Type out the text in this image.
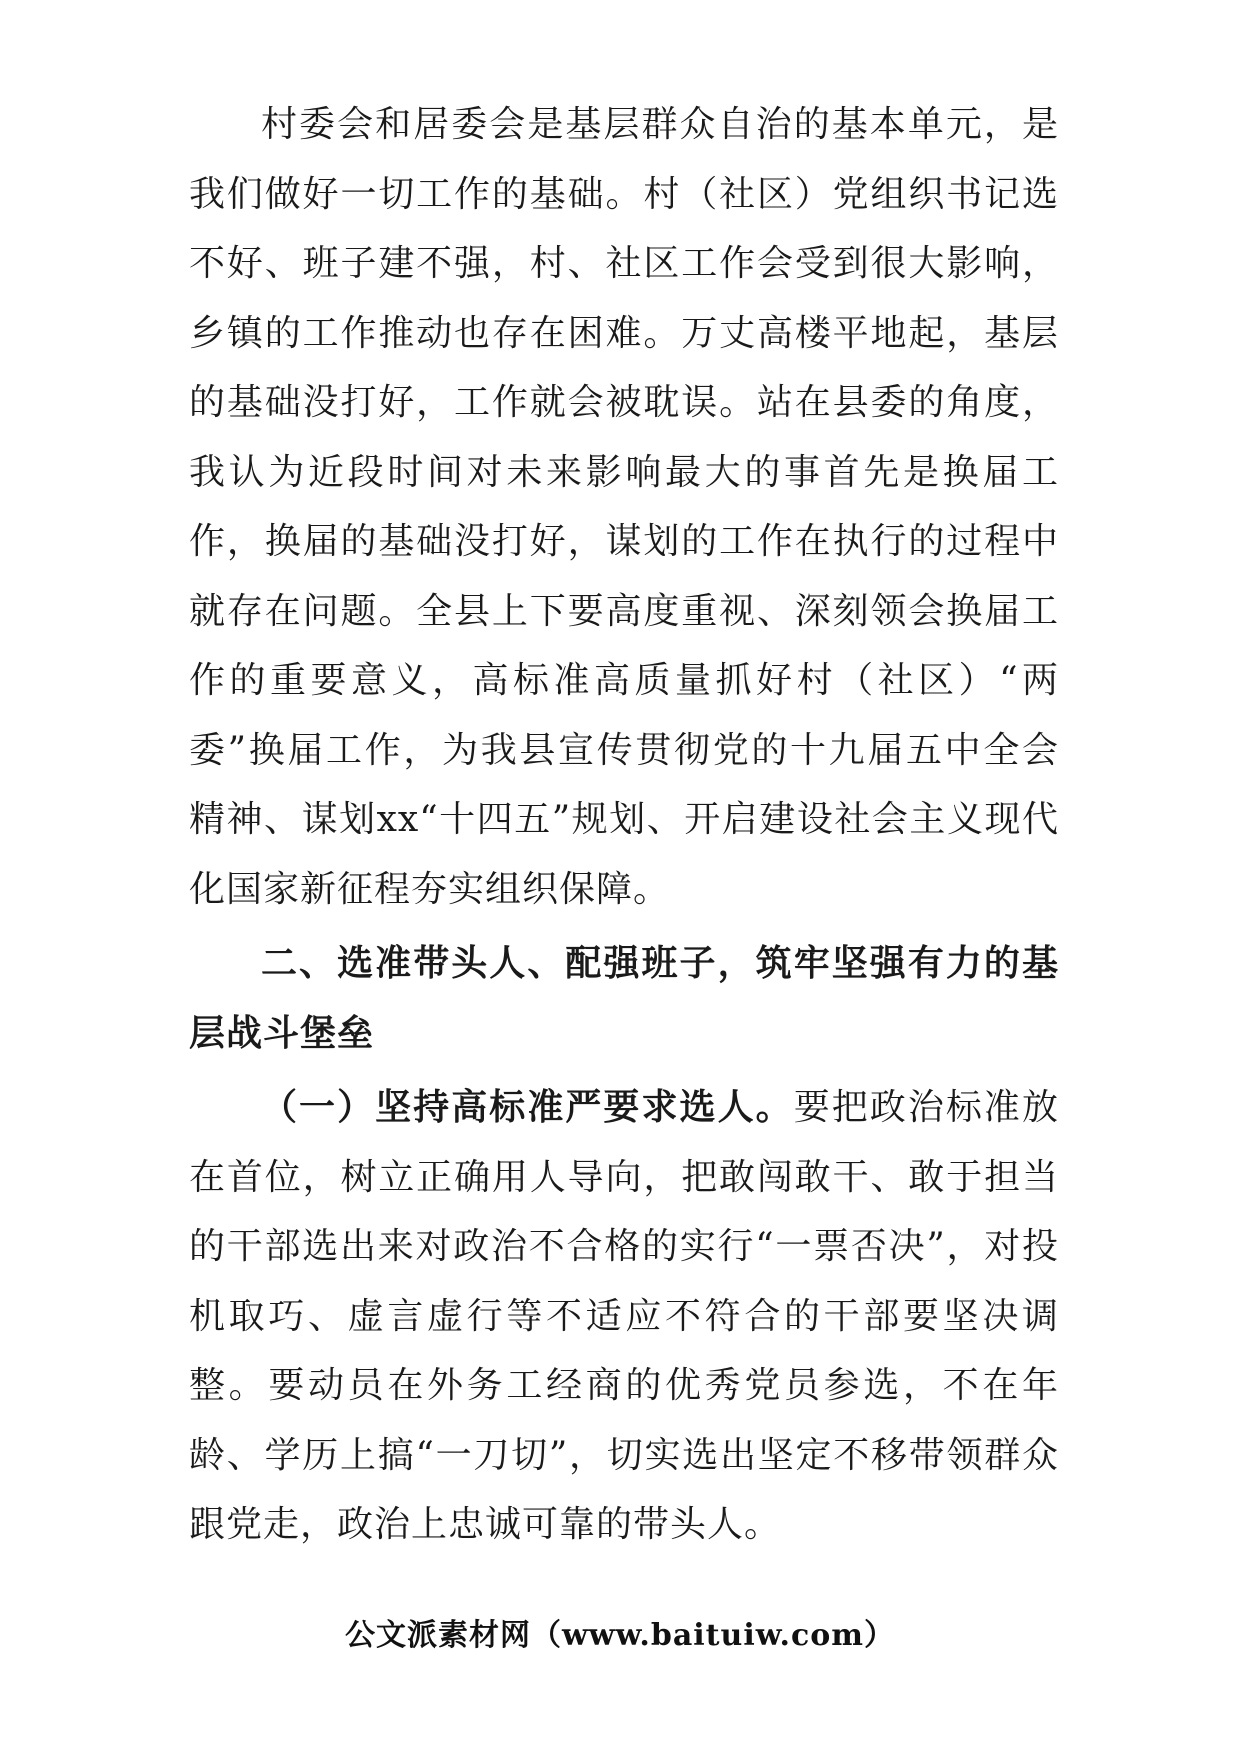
村委会和居委会是基层群众自治的基本单元，是我们做好一切工作的基础。村（社区）党组织书记选不好、班子建不强，村、社区工作会受到很大影响，乡镇的工作推动也存在困难。万丈高楼平地起，基层的基础没打好，工作就会被耽误。站在县委的角度，我认为近段时间对未来影响最大的事首先是换届工作，换届的基础没打好，谋划的工作在执行的过程中就存在问题。全县上下要高度重视、深刻领会换届工作的重要意义，高标准高质量抓好村（社区）“两委”换届工作，为我县宣传贯彻党的十九届五中全会精神、谋划xx“十四五”规划、开启建设社会主义现代化国家新征程夯实组织保障。

二、选准带头人、配强班子，筑牢坚强有力的基层战斗堡垒

（一）坚持高标准严要求选人。要把政治标准放在首位，树立正确用人导向，把敢闯敢干、敢于担当的干部选出来对政治不合格的实行“一票否决”，对投机取巧、虚言虚行等不适应不符合的干部要坚决调整。要动员在外务工经商的优秀党员参选，不在年龄、学历上搞“一刀切”，切实选出坚定不移带领群众跟党走，政治上忠诚可靠的带头人。

公文派素材网（www.baituiw.com）
